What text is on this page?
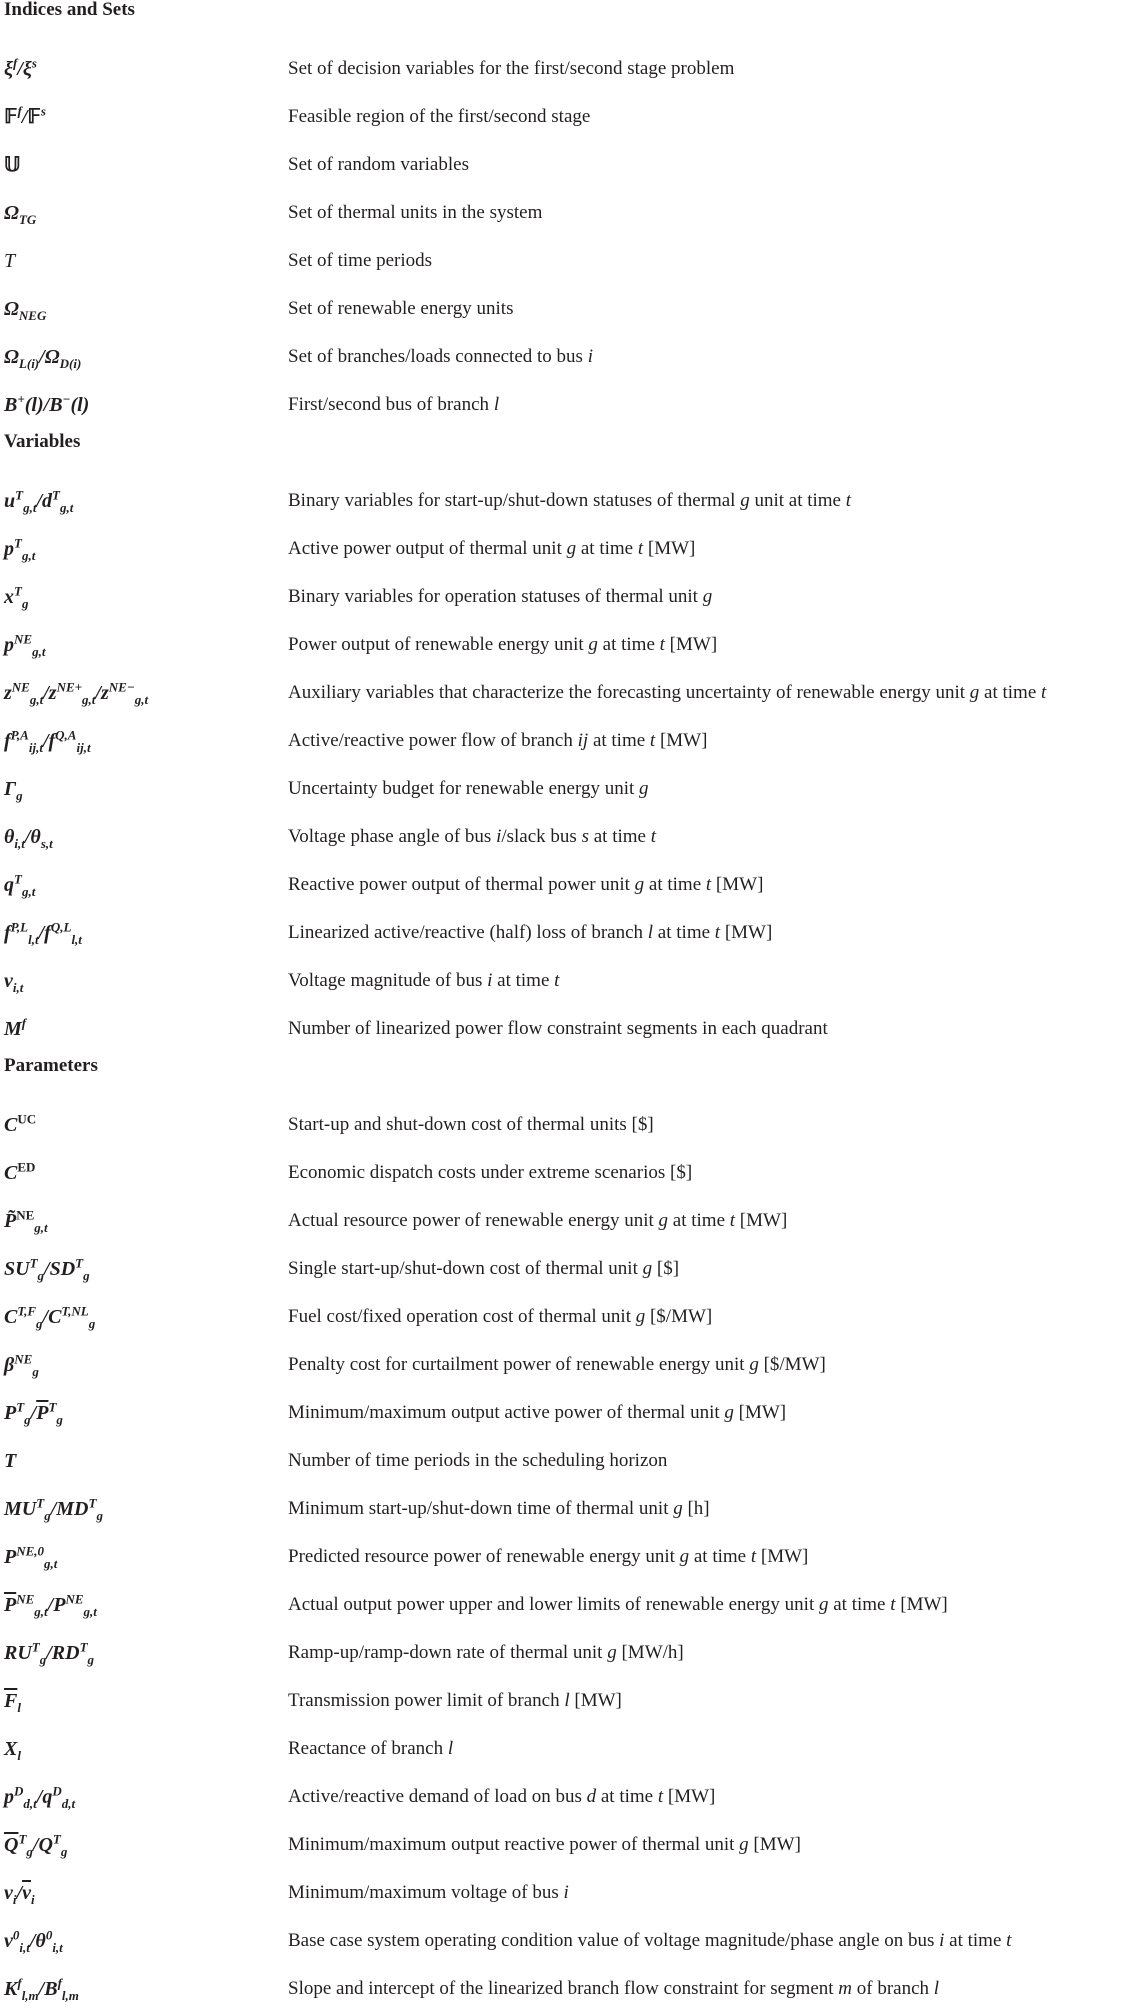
Indices and Sets
$\xi^f/\xi^s$	Set of decision variables for the first/second stage problem
𝔽$^f$/𝔽$^s$	Feasible region of the first/second stage
𝕌	Set of random variables
$\Omega_{TG}$	Set of thermal units in the system
T	Set of time periods
$\Omega_{NEG}$	Set of renewable energy units
$\Omega_{L(i)}/\Omega_{D(i)}$	Set of branches/loads connected to bus i
B+(l)/B−(l)	First/second bus of branch l
Variables
$u^T_{g,t}/d^T_{g,t}$	Binary variables for start-up/shut-down statuses of thermal g unit at time t
$p^T_{g,t}$	Active power output of thermal unit g at time t [MW]
$x^T_g$	Binary variables for operation statuses of thermal unit g
$p^{NE}_{g,t}$	Power output of renewable energy unit g at time t [MW]
$z^{NE}_{g,t}/z^{NE+}_{g,t}/z^{NE-}_{g,t}$	Auxiliary variables that characterize the forecasting uncertainty of renewable energy unit g at time t
$f^{P,A}_{ij,t}/f^{Q,A}_{ij,t}$	Active/reactive power flow of branch ij at time t [MW]
$\Gamma_g$	Uncertainty budget for renewable energy unit g
$\theta_{i,t}/\theta_{s,t}$	Voltage phase angle of bus i/slack bus s at time t
$q^T_{g,t}$	Reactive power output of thermal power unit g at time t [MW]
$f^{P,L}_{l,t}/f^{Q,L}_{l,t}$	Linearized active/reactive (half) loss of branch l at time t [MW]
$\nu_{i,t}$	Voltage magnitude of bus i at time t
$M^f$	Number of linearized power flow constraint segments in each quadrant
Parameters
$C^{UC}$	Start-up and shut-down cost of thermal units [$]
$C^{ED}$	Economic dispatch costs under extreme scenarios [$]
P̃$^{NE}_{g,t}$	Actual resource power of renewable energy unit g at time t [MW]
$SU^T_g/SD^T_g$	Single start-up/shut-down cost of thermal unit g [$]
$C^{T,F}_g/C^{T,NL}_g$	Fuel cost/fixed operation cost of thermal unit g [$/MW]
$\beta^{NE}_g$	Penalty cost for curtailment power of renewable energy unit g [$/MW]
$P^T_g/\overline{P}^T_g$	Minimum/maximum output active power of thermal unit g [MW]
T	Number of time periods in the scheduling horizon
$MU^T_g/MD^T_g$	Minimum start-up/shut-down time of thermal unit g [h]
$P^{NE,0}_{g,t}$	Predicted resource power of renewable energy unit g at time t [MW]
$\overline{P}^{NE}_{g,t}/P^{NE}_{g,t}$	Actual output power upper and lower limits of renewable energy unit g at time t [MW]
$RU^T_g/RD^T_g$	Ramp-up/ramp-down rate of thermal unit g [MW/h]
$\overline{F}_l$	Transmission power limit of branch l [MW]
$X_l$	Reactance of branch l
$p^D_{d,t}/q^D_{d,t}$	Active/reactive demand of load on bus d at time t [MW]
$\overline{Q}^T_g/Q^T_g$	Minimum/maximum output reactive power of thermal unit g [MW]
$\nu_i/\overline{\nu}_i$	Minimum/maximum voltage of bus i
$\nu^0_{i,t}/\theta^0_{i,t}$	Base case system operating condition value of voltage magnitude/phase angle on bus i at time t
$K^f_{l,m}/B^f_{l,m}$	Slope and intercept of the linearized branch flow constraint for segment m of branch l
